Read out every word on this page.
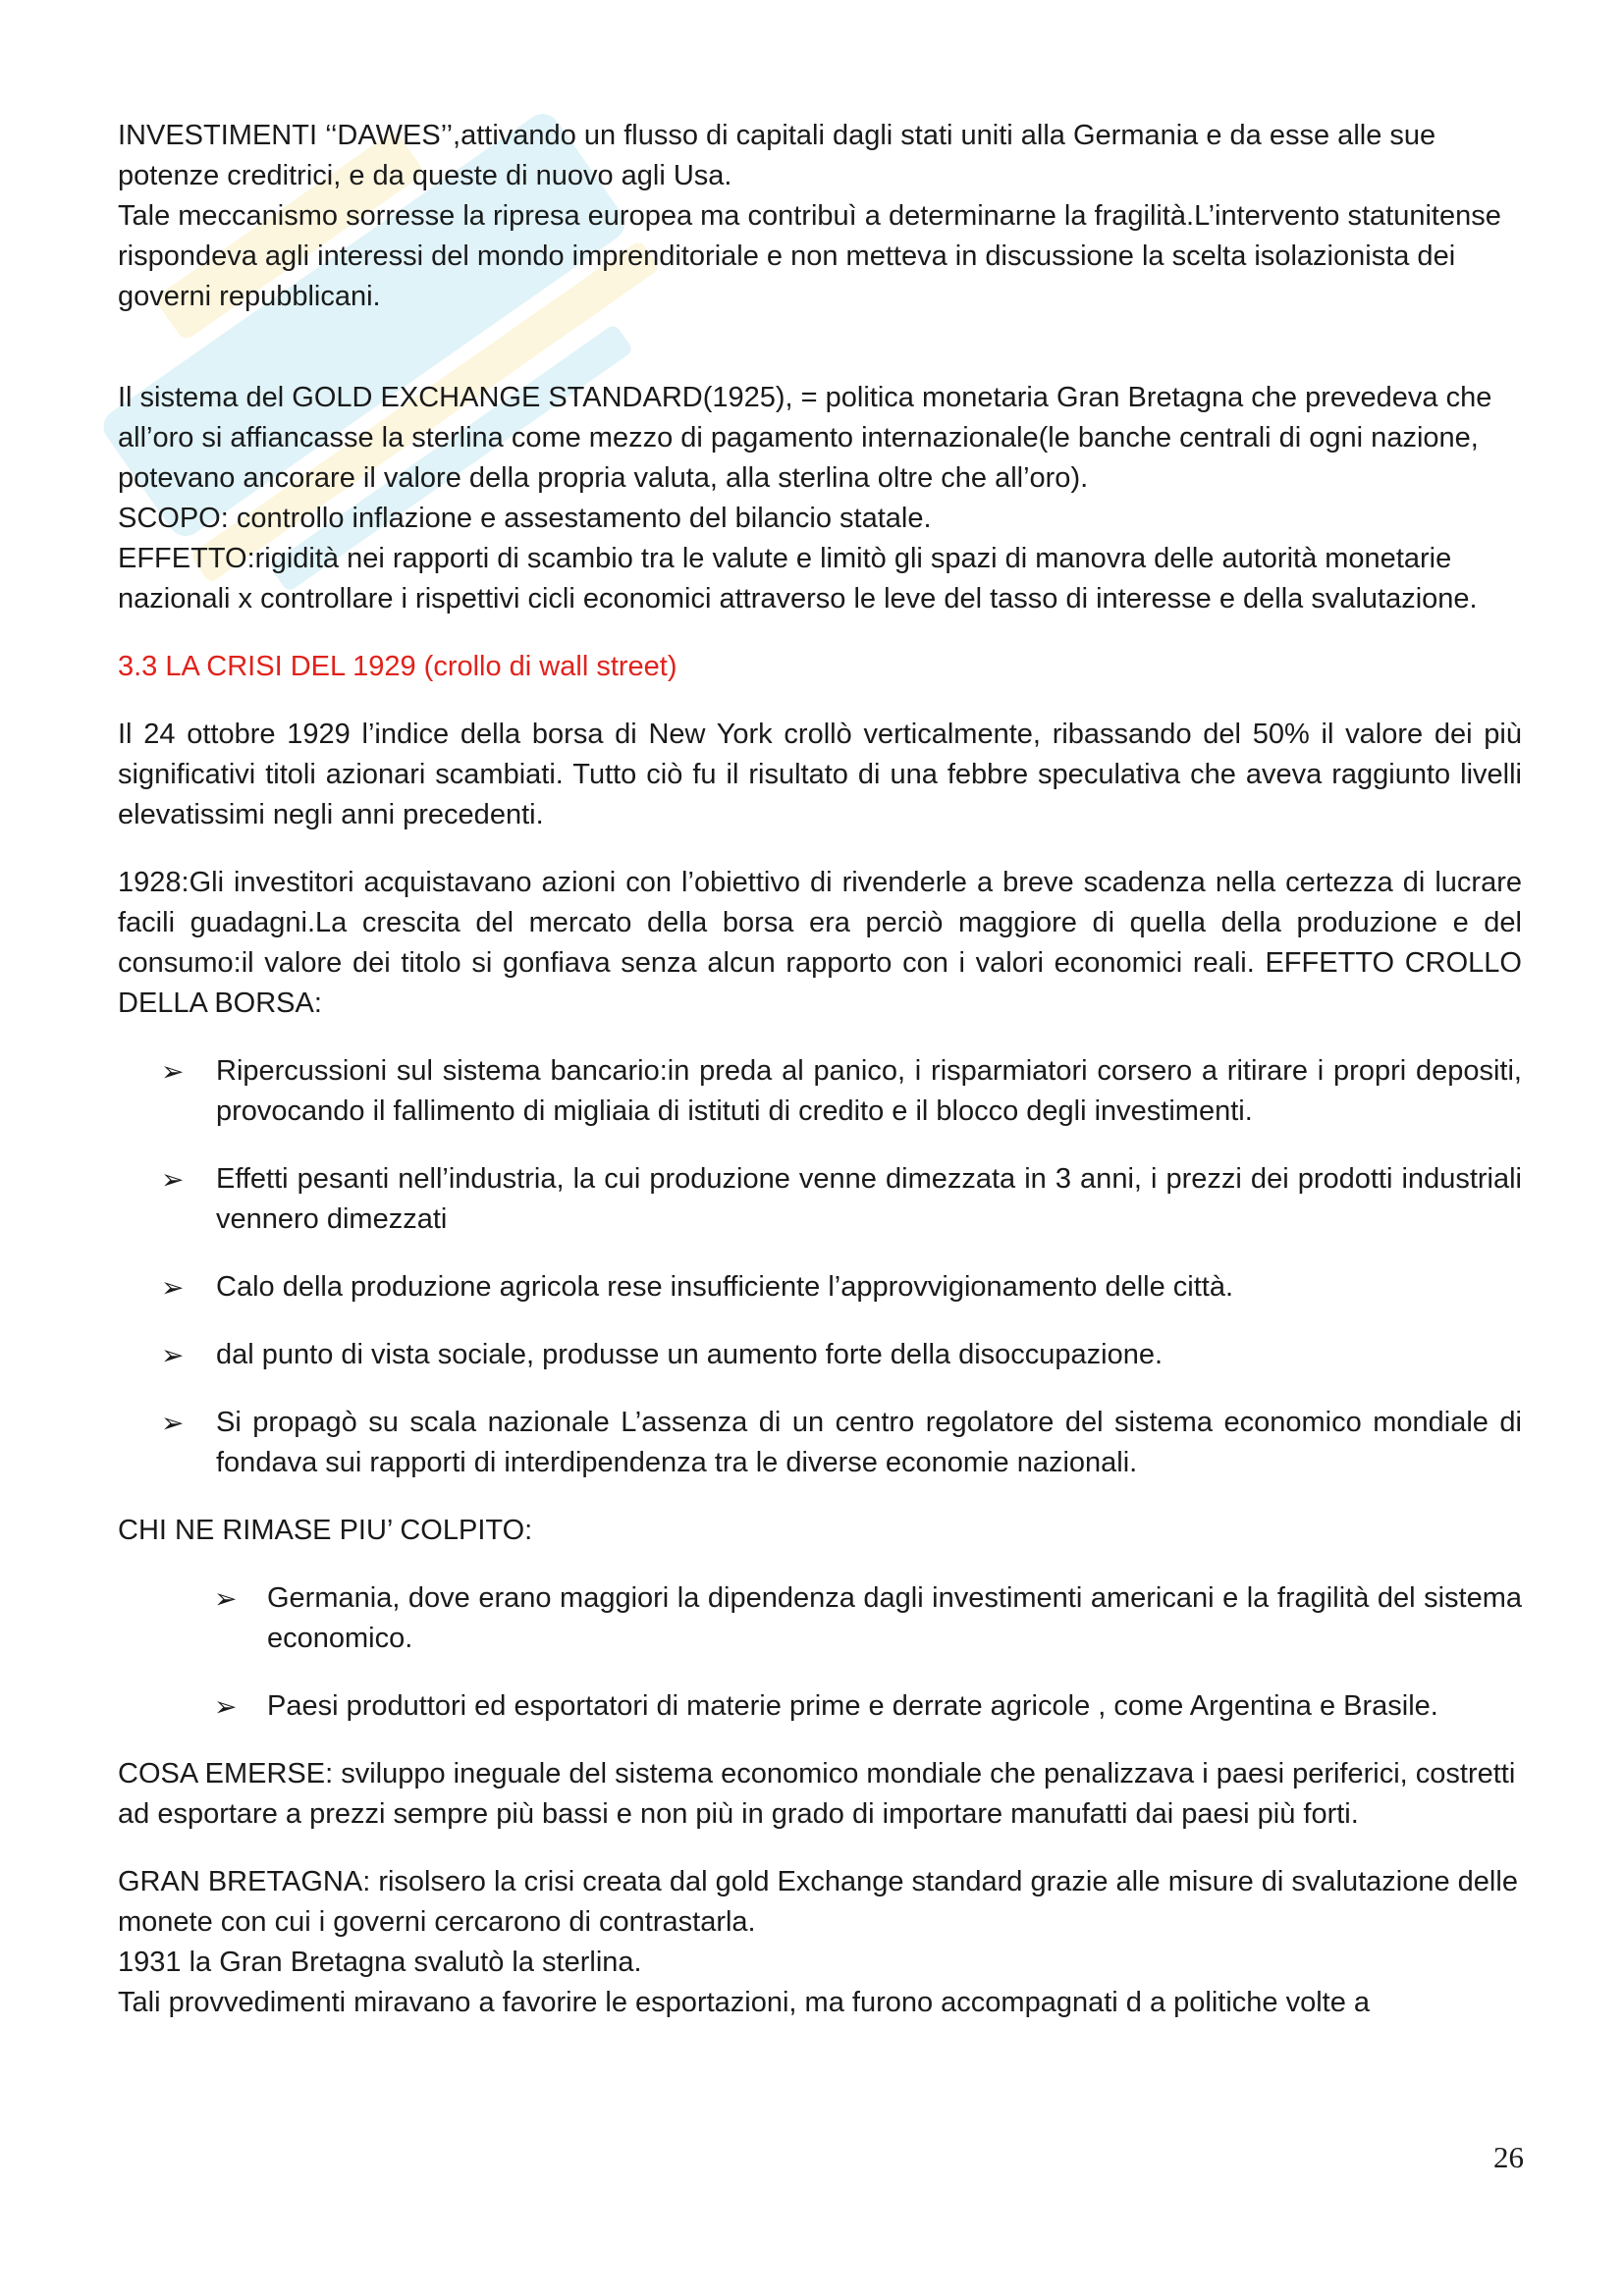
INVESTIMENTI ‘‘DAWES’’,attivando un flusso di capitali dagli stati uniti alla Germania e da esse alle sue potenze creditrici, e da queste di nuovo agli Usa.

Tale meccanismo sorresse la ripresa europea ma contribuì a determinarne la fragilità.L’intervento statunitense rispondeva agli interessi del mondo imprenditoriale e non metteva in discussione la scelta isolazionista dei governi repubblicani.

Il sistema del GOLD EXCHANGE STANDARD(1925), = politica monetaria Gran Bretagna che prevedeva che all’oro si affiancasse la sterlina come mezzo di pagamento internazionale(le banche centrali di ogni nazione, potevano ancorare il valore della propria valuta, alla sterlina oltre che all’oro).

SCOPO: controllo inflazione e assestamento del bilancio statale.

EFFETTO:rigidità nei rapporti di scambio tra le valute e limitò gli spazi di manovra delle autorità monetarie nazionali x controllare i rispettivi cicli economici attraverso le leve del tasso di interesse e della svalutazione.

3.3 LA CRISI DEL 1929 (crollo di wall street)

Il 24 ottobre 1929 l’indice della borsa di New York crollò verticalmente, ribassando del 50% il valore dei più significativi titoli azionari scambiati. Tutto ciò fu il risultato di una febbre speculativa che aveva raggiunto livelli elevatissimi negli anni precedenti.

1928:Gli investitori acquistavano azioni con l’obiettivo di rivenderle a breve scadenza nella certezza di lucrare facili guadagni.La crescita del mercato della borsa era perciò maggiore di quella della produzione e del consumo:il valore dei titolo si gonfiava senza alcun rapporto con i valori economici reali. EFFETTO CROLLO DELLA BORSA:

➢ Ripercussioni sul sistema bancario:in preda al panico, i risparmiatori corsero a ritirare i propri depositi, provocando il fallimento di migliaia di istituti di credito e il blocco degli investimenti.
➢ Effetti pesanti nell’industria, la cui produzione venne dimezzata in 3 anni, i prezzi dei prodotti industriali vennero dimezzati
➢ Calo della produzione agricola rese insufficiente l’approvvigionamento delle città.
➢ dal punto di vista sociale, produsse un aumento forte della disoccupazione.
➢ Si propagò su scala nazionale L’assenza di un centro regolatore del sistema economico mondiale di fondava sui rapporti di interdipendenza tra le diverse economie nazionali.

CHI NE RIMASE PIU’ COLPITO:

➢ Germania, dove erano maggiori la dipendenza dagli investimenti americani e la fragilità del sistema economico.
➢ Paesi produttori ed esportatori di materie prime e derrate agricole , come Argentina e Brasile.

COSA EMERSE: sviluppo ineguale del sistema economico mondiale che penalizzava i paesi periferici, costretti ad esportare a prezzi sempre più bassi e non più in grado di importare manufatti dai paesi più forti.

GRAN BRETAGNA: risolsero la crisi creata dal gold Exchange standard grazie alle misure di svalutazione delle monete con cui i governi cercarono di contrastarla.

1931 la Gran Bretagna svalutò la sterlina.

Tali provvedimenti miravano a favorire le esportazioni, ma furono accompagnati d a politiche volte a

26
